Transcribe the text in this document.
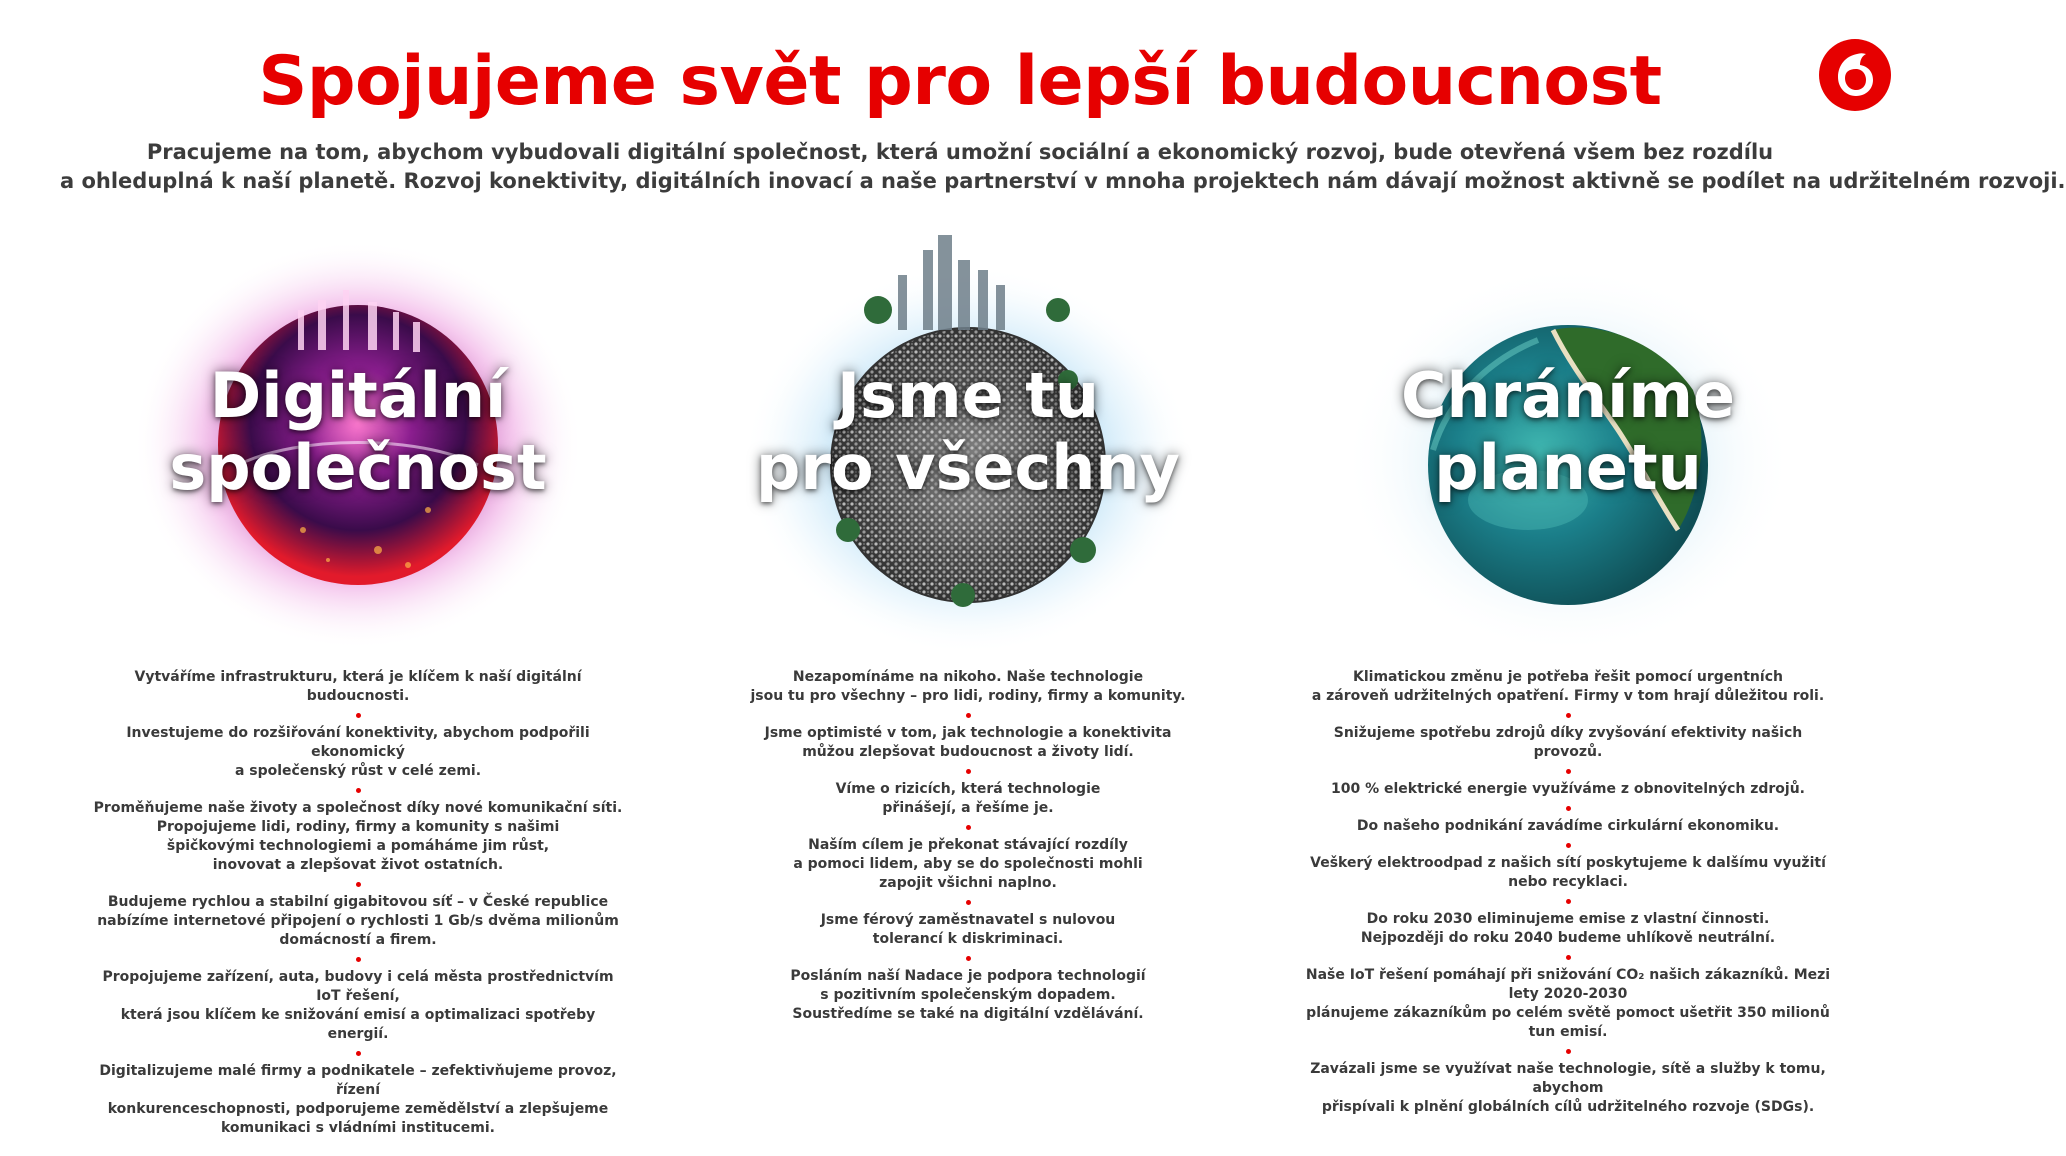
Spojujeme svět pro lepší budoucnost

Pracujeme na tom, abychom vybudovali digitální společnost, která umožní sociální a ekonomický rozvoj, bude otevřená všem bez rozdílu

a ohleduplná k naší planetě. Rozvoj konektivity, digitálních inovací a naše partnerství v mnoha projektech nám dávají možnost aktivně se podílet na udržitelném rozvoji.

Digitální
společnost
Vytváříme infrastrukturu, která je klíčem k naší digitální budoucnosti.
Investujeme do rozšiřování konektivity, abychom podpořili ekonomický
a společenský růst v celé zemi.
Proměňujeme naše životy a společnost díky nové komunikační síti.
Propojujeme lidi, rodiny, firmy a komunity s našimi
špičkovými technologiemi a pomáháme jim růst,
inovovat a zlepšovat život ostatních.
Budujeme rychlou a stabilní gigabitovou síť – v České republice
nabízíme internetové připojení o rychlosti 1 Gb/s dvěma milionům
domácností a firem.
Propojujeme zařízení, auta, budovy i celá města prostřednictvím IoT řešení,
která jsou klíčem ke snižování emisí a optimalizaci spotřeby energií.
Digitalizujeme malé firmy a podnikatele – zefektivňujeme provoz, řízení
konkurenceschopnosti, podporujeme zemědělství a zlepšujeme
komunikaci s vládními institucemi.
Jsme tu
pro všechny
Nezapomínáme na nikoho. Naše technologie
jsou tu pro všechny – pro lidi, rodiny, firmy a komunity.
Jsme optimisté v tom, jak technologie a konektivita
můžou zlepšovat budoucnost a životy lidí.
Víme o rizicích, která technologie
přinášejí, a řešíme je.
Naším cílem je překonat stávající rozdíly
a pomoci lidem, aby se do společnosti mohli
zapojit všichni naplno.
Jsme férový zaměstnavatel s nulovou
tolerancí k diskriminaci.
Posláním naší Nadace je podpora technologií
s pozitivním společenským dopadem.
Soustředíme se také na digitální vzdělávání.
Chráníme
planetu
Klimatickou změnu je potřeba řešit pomocí urgentních
a zároveň udržitelných opatření. Firmy v tom hrají důležitou roli.
Snižujeme spotřebu zdrojů díky zvyšování efektivity našich provozů.
100 % elektrické energie využíváme z obnovitelných zdrojů.
Do našeho podnikání zavádíme cirkulární ekonomiku.
Veškerý elektroodpad z našich sítí poskytujeme k dalšímu využití nebo recyklaci.
Do roku 2030 eliminujeme emise z vlastní činnosti.
Nejpozději do roku 2040 budeme uhlíkově neutrální.
Naše IoT řešení pomáhají při snižování CO₂ našich zákazníků. Mezi lety 2020-2030
plánujeme zákazníkům po celém světě pomoct ušetřit 350 milionů tun emisí.
Zavázali jsme se využívat naše technologie, sítě a služby k tomu, abychom
přispívali k plnění globálních cílů udržitelného rozvoje (SDGs).
